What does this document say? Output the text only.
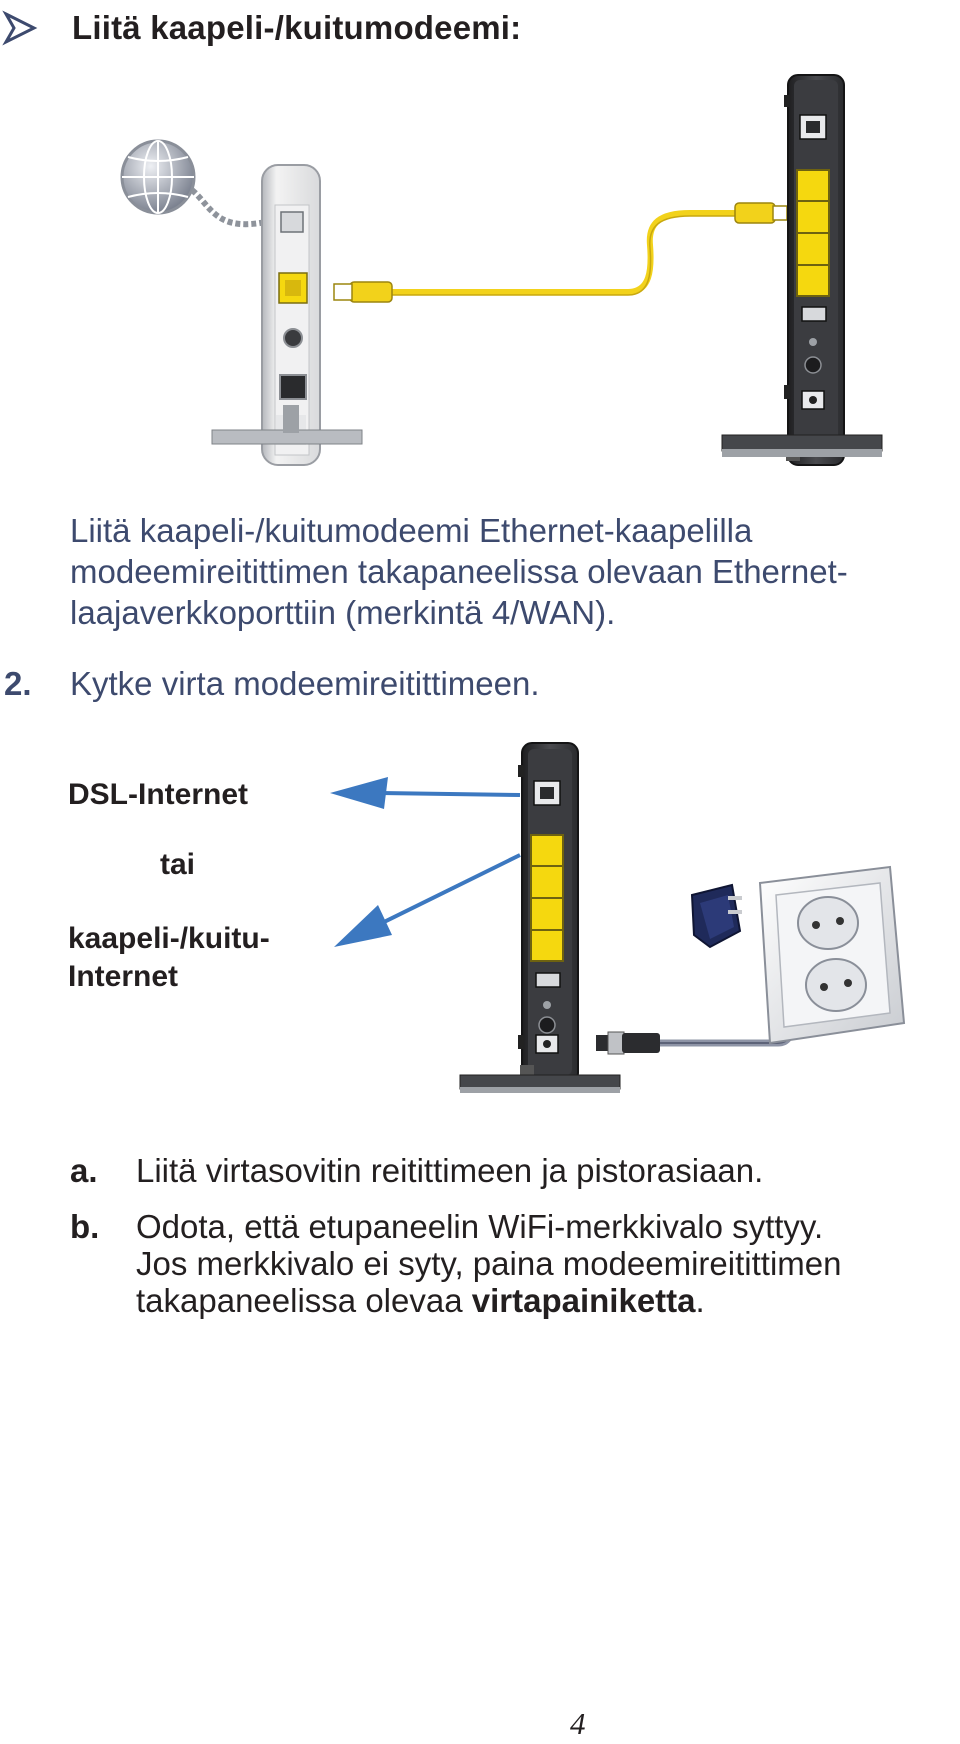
Liitä kaapeli-/kuitumodeemi:
Liitä kaapeli-/kuitumodeemi Ethernet-kaapelilla
modeemireitittimen takapaneelissa olevaan Ethernet-
laajaverkkoporttiin (merkintä 4/WAN).
2.	Kytke virta modeemireitittimeen.
DSL-Internet
tai
kaapeli-/kuitu-
Internet
a. Liitä virtasovitin reitittimeen ja pistorasiaan.
b. Odota, että etupaneelin WiFi-merkkivalo syttyy.
Jos merkkivalo ei syty, paina modeemireitittimen
takapaneelissa olevaa virtapainiketta.
4
